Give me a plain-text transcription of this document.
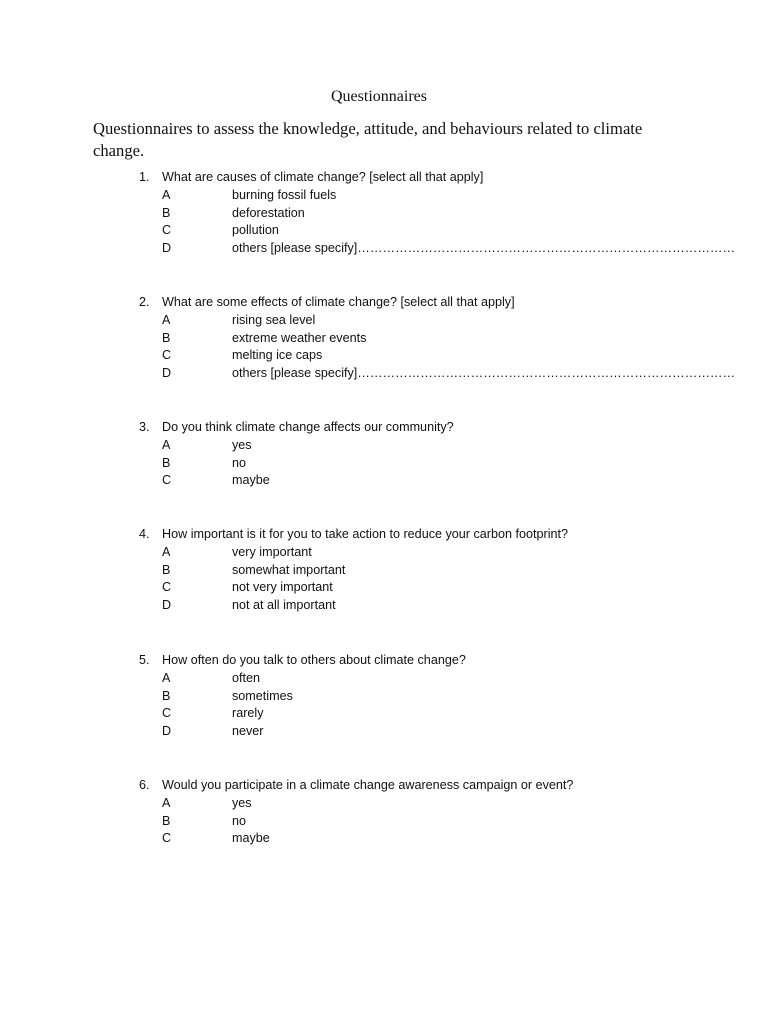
Questionnaires
Questionnaires to assess the knowledge, attitude, and behaviours related to climate change.
1. What are causes of climate change? [select all that apply]
A	burning fossil fuels
B	deforestation
C	pollution
D	others [please specify]………………………………………………………………………………
2. What are some effects of climate change? [select all that apply]
A	rising sea level
B	extreme weather events
C	melting ice caps
D	others [please specify]………………………………………………………………………………
3. Do you think climate change affects our community?
A	yes
B	no
C	maybe
4. How important is it for you to take action to reduce your carbon footprint?
A	very important
B	somewhat important
C	not very important
D	not at all important
5. How often do you talk to others about climate change?
A	often
B	sometimes
C	rarely
D	never
6. Would you participate in a climate change awareness campaign or event?
A	yes
B	no
C	maybe
